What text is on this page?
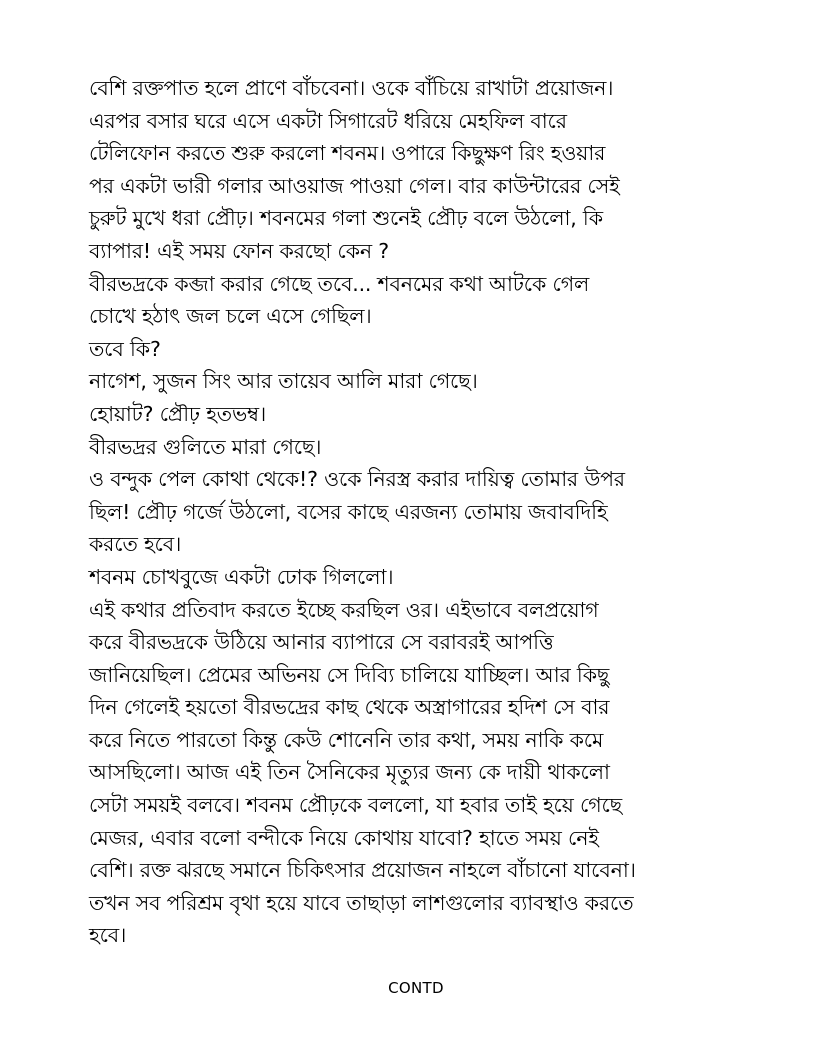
বেশি রক্তপাত হলে প্রাণে বাঁচবেনা। ওকে বাঁচিয়ে রাখাটা প্রয়োজন।
এরপর বসার ঘরে এসে একটা সিগারেট ধরিয়ে মেহফিল বারে
টেলিফোন করতে শুরু করলো শবনম। ওপারে কিছুক্ষণ রিং হওয়ার
পর একটা ভারী গলার আওয়াজ পাওয়া গেল। বার কাউন্টারের সেই
চুরুট মুখে ধরা প্রৌঢ়। শবনমের গলা শুনেই প্রৌঢ় বলে উঠলো, কি
ব্যাপার! এই সময় ফোন করছো কেন ?
বীরভদ্রকে কব্জা করার গেছে তবে... শবনমের কথা আটকে গেল
চোখে হঠাৎ জল চলে এসে গেছিল।
তবে কি?
নাগেশ, সুজন সিং আর তায়েব আলি মারা গেছে।
হোয়াট? প্রৌঢ় হতভম্ব।
বীরভদ্রর গুলিতে মারা গেছে।
ও বন্দুক পেল কোথা থেকে!? ওকে নিরস্ত্র করার দায়িত্ব তোমার উপর
ছিল! প্রৌঢ় গর্জে উঠলো, বসের কাছে এরজন্য তোমায় জবাবদিহি
করতে হবে।
শবনম চোখবুজে একটা ঢোক গিললো।
এই কথার প্রতিবাদ করতে ইচ্ছে করছিল ওর। এইভাবে বলপ্রয়োগ
করে বীরভদ্রকে উঠিয়ে আনার ব্যাপারে সে বরাবরই আপত্তি
জানিয়েছিল। প্রেমের অভিনয় সে দিব্যি চালিয়ে যাচ্ছিল। আর কিছু
দিন গেলেই হয়তো বীরভদ্রের কাছ থেকে অস্ত্রাগারের হদিশ সে বার
করে নিতে পারতো কিন্তু কেউ শোনেনি তার কথা, সময় নাকি কমে
আসছিলো। আজ এই তিন সৈনিকের মৃত্যুর জন্য কে দায়ী থাকলো
সেটা সময়ই বলবে। শবনম প্রৌঢ়কে বললো, যা হবার তাই হয়ে গেছে
মেজর, এবার বলো বন্দীকে নিয়ে কোথায় যাবো? হাতে সময় নেই
বেশি। রক্ত ঝরছে সমানে চিকিৎসার প্রয়োজন নাহলে বাঁচানো যাবেনা।
তখন সব পরিশ্রম বৃথা হয়ে যাবে তাছাড়া লাশগুলোর ব্যাবস্থাও করতে
হবে।
CONTD
